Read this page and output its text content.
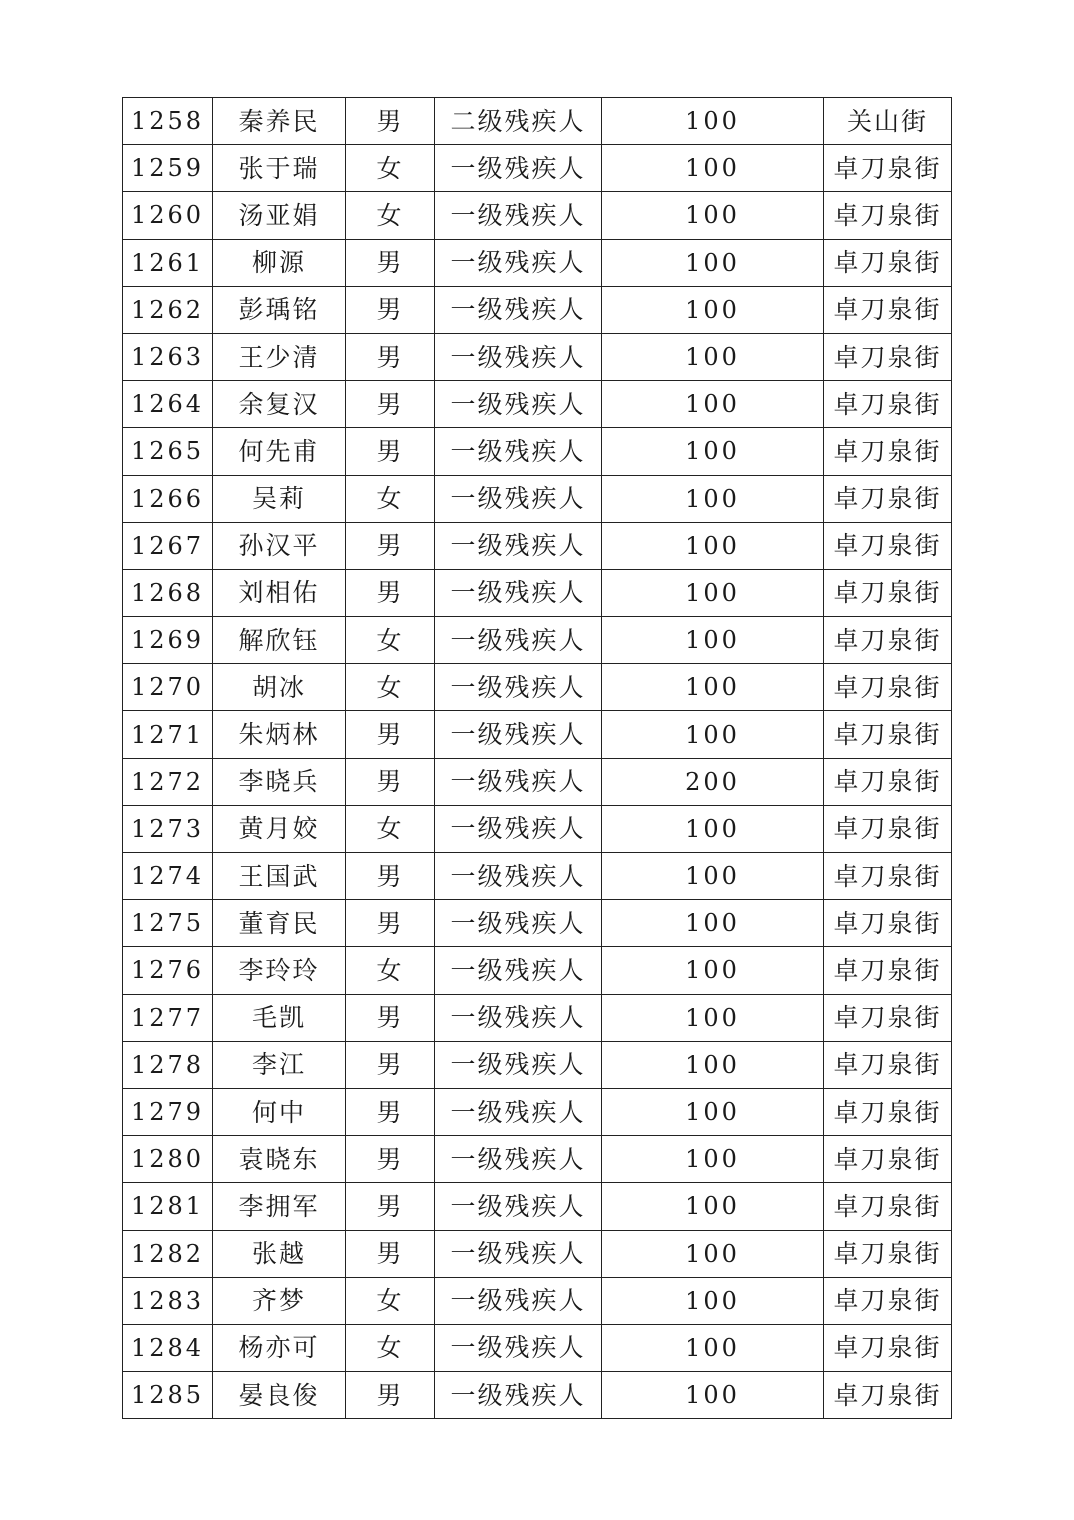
1258	秦养民	男	二级残疾人	100	关山街
1259	张于瑞	女	一级残疾人	100	卓刀泉街
1260	汤亚娟	女	一级残疾人	100	卓刀泉街
1261	柳源	男	一级残疾人	100	卓刀泉街
1262	彭瑀铭	男	一级残疾人	100	卓刀泉街
1263	王少清	男	一级残疾人	100	卓刀泉街
1264	余复汉	男	一级残疾人	100	卓刀泉街
1265	何先甫	男	一级残疾人	100	卓刀泉街
1266	吴莉	女	一级残疾人	100	卓刀泉街
1267	孙汉平	男	一级残疾人	100	卓刀泉街
1268	刘相佑	男	一级残疾人	100	卓刀泉街
1269	解欣钰	女	一级残疾人	100	卓刀泉街
1270	胡冰	女	一级残疾人	100	卓刀泉街
1271	朱炳林	男	一级残疾人	100	卓刀泉街
1272	李晓兵	男	一级残疾人	200	卓刀泉街
1273	黄月姣	女	一级残疾人	100	卓刀泉街
1274	王国武	男	一级残疾人	100	卓刀泉街
1275	董育民	男	一级残疾人	100	卓刀泉街
1276	李玲玲	女	一级残疾人	100	卓刀泉街
1277	毛凯	男	一级残疾人	100	卓刀泉街
1278	李江	男	一级残疾人	100	卓刀泉街
1279	何中	男	一级残疾人	100	卓刀泉街
1280	袁晓东	男	一级残疾人	100	卓刀泉街
1281	李拥军	男	一级残疾人	100	卓刀泉街
1282	张越	男	一级残疾人	100	卓刀泉街
1283	齐梦	女	一级残疾人	100	卓刀泉街
1284	杨亦可	女	一级残疾人	100	卓刀泉街
1285	晏良俊	男	一级残疾人	100	卓刀泉街
